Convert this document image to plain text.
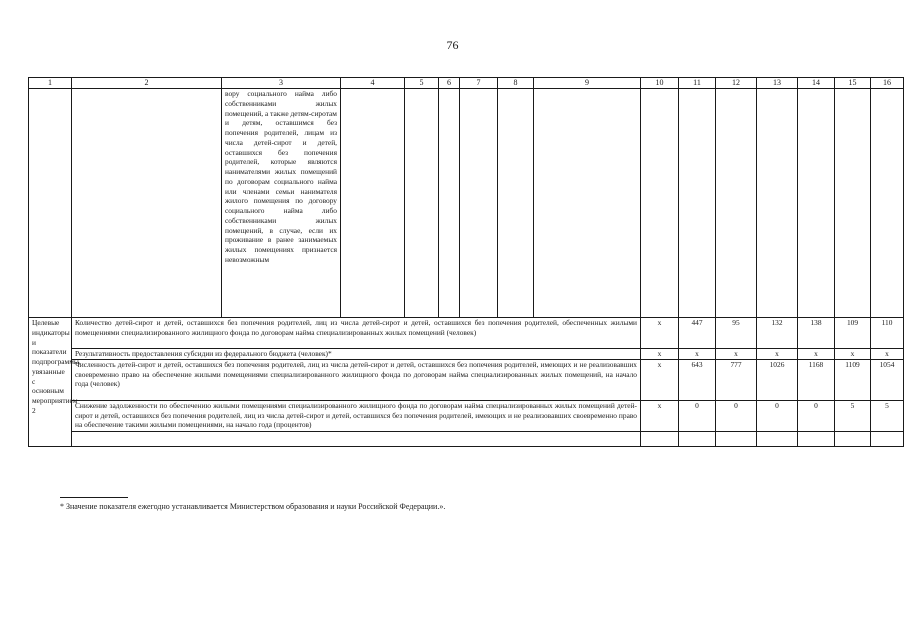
76
1	2	3	4	5	6	7	8	9	10	11	12	13	14	15	16	

		вору социального найма либо собственниками жилых помещений, а также детям-сиротам и детям, оставшимся без попечения родителей, лицам из числа детей-сирот и детей, оставшихся без попечения родителей, которые являются нанимателями жилых помещений по договорам социального найма или членами семьи нанимателя жилого помещения по договору социального найма либо собственниками жилых помещений, в случае, если их проживание в ранее занимаемых жилых помещениях признается невозможным														

Целевые индикаторы и показатели подпрограммы, увязанные с основным мероприятием 2	Количество детей-сирот и детей, оставшихся без попечения родителей, лиц из числа детей-сирот и детей, оставшихся без попечения родителей, обеспеченных жилыми помещениями специализированного жилищного фонда по договорам найма специализированных жилых помещений (человек)								x	447	95	132	138	109	110	
	Результативность предоставления субсидии из федерального бюджета (человек)*								x	x	x	x	x	x	x	
	Численность детей-сирот и детей, оставшихся без попечения родителей, лиц из числа детей-сирот и детей, оставшихся без попечения родителей, имеющих и не реализовавших своевременно право на обеспечение жилыми помещениями специализированного жилищного фонда по договорам найма специализированных жилых помещений, на начало года (человек)								x	643	777	1026	1168	1109	1054	
	Снижение задолженности по обеспечению жилыми помещениями специализированного жилищного фонда по договорам найма специализированных жилых помещений детей-сирот и детей, оставшихся без попечения родителей, лиц из числа детей-сирот и детей, оставшихся без попечения родителей, имеющих и не реализовавших своевременно право на обеспечение такими жилыми помещениями, на начало года (процентов)								x	0	0	0	0	5	5	

* Значение показателя ежегодно устанавливается Министерством образования и науки Российской Федерации.».
